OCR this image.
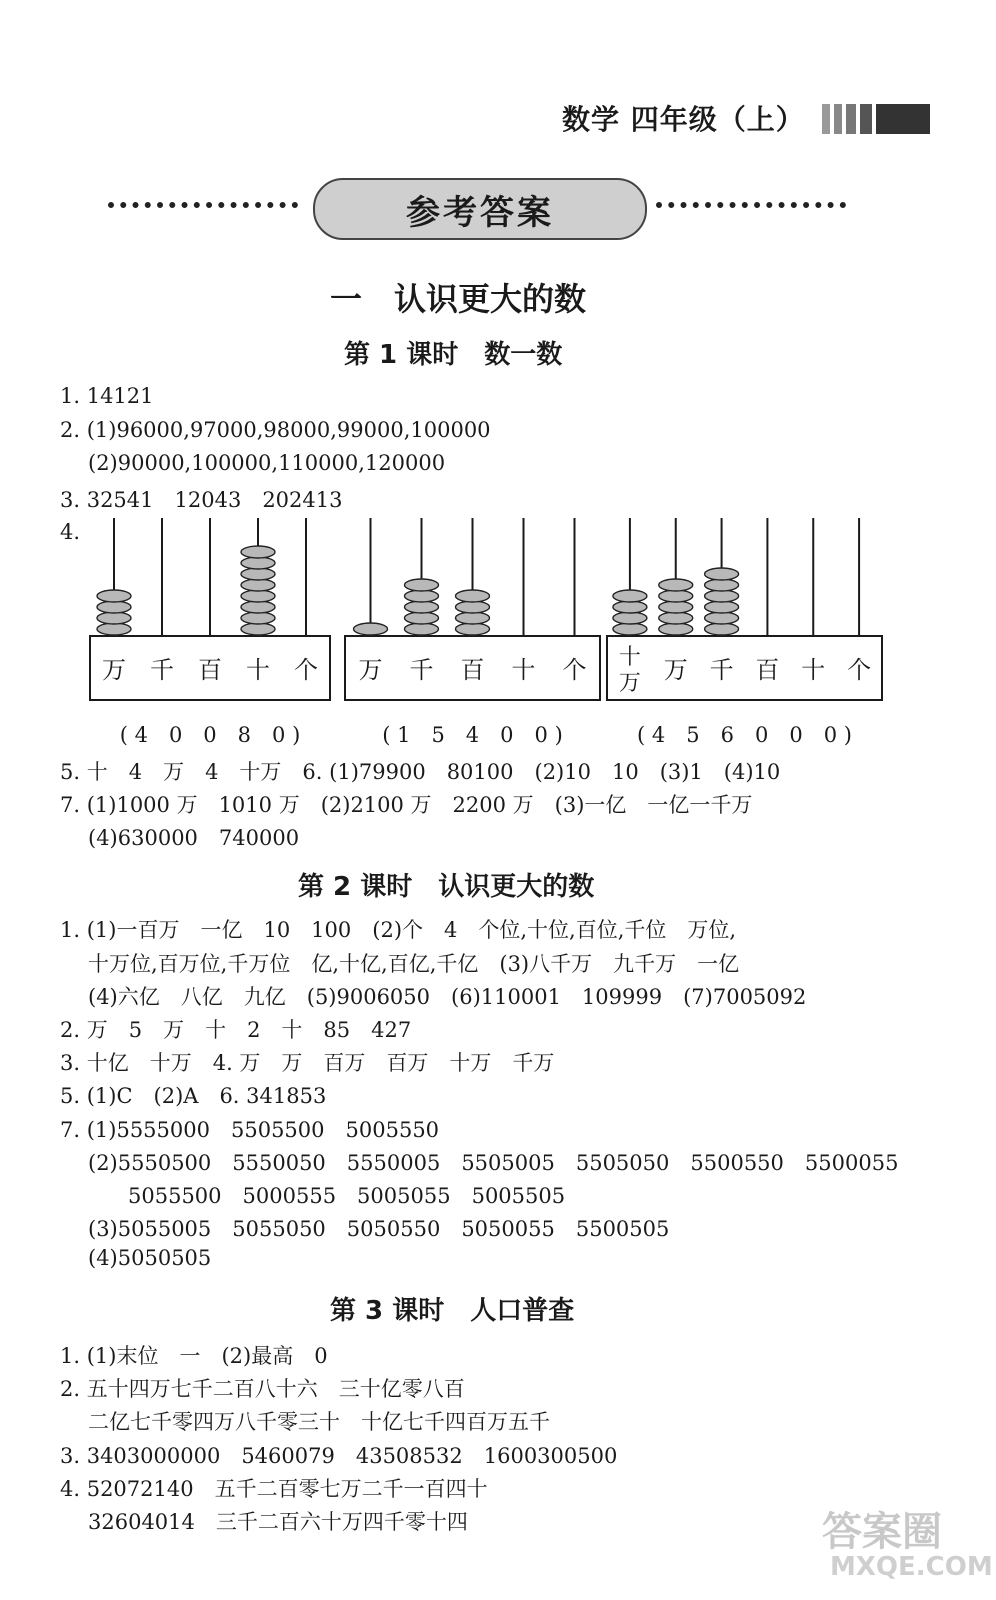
数学 四年级（上）
参考答案
一　认识更大的数
第 1 课时　数一数
1. 14121
2. (1)96000,97000,98000,99000,100000
(2)90000,100000,110000,120000
3. 32541　12043　202413
4.
万 千 百 十 个
( 4　0　0　8　0 )
万 千 百 十 个
( 1　5　4　0　0 )
十
万 万 千 百 十 个
( 4　5　6　0　0　0 )
5. 十　4　万　4　十万　6. (1)79900　80100　(2)10　10　(3)1　(4)10
7. (1)1000 万　1010 万　(2)2100 万　2200 万　(3)一亿　一亿一千万
(4)630000　740000
第 2 课时　认识更大的数
1. (1)一百万　一亿　10　100　(2)个　4　个位,十位,百位,千位　万位,
十万位,百万位,千万位　亿,十亿,百亿,千亿　(3)八千万　九千万　一亿
(4)六亿　八亿　九亿　(5)9006050　(6)110001　109999　(7)7005092
2. 万　5　万　十　2　十　85　427
3. 十亿　十万　4. 万　万　百万　百万　十万　千万
5. (1)C　(2)A　6. 341853
7. (1)5555000　5505500　5005550
(2)5550500　5550050　5550005　5505005　5505050　5500550　5500055
5055500　5000555　5005055　5005505
(3)5055005　5055050　5050550　5050055　5500505
(4)5050505
第 3 课时　人口普查
1. (1)末位　一　(2)最高　0
2. 五十四万七千二百八十六　三十亿零八百
二亿七千零四万八千零三十　十亿七千四百万五千
3. 3403000000　5460079　43508532　1600300500
4. 52072140　五千二百零七万二千一百四十
32604014　三千二百六十万四千零十四	答案圈
MXQE.COM
